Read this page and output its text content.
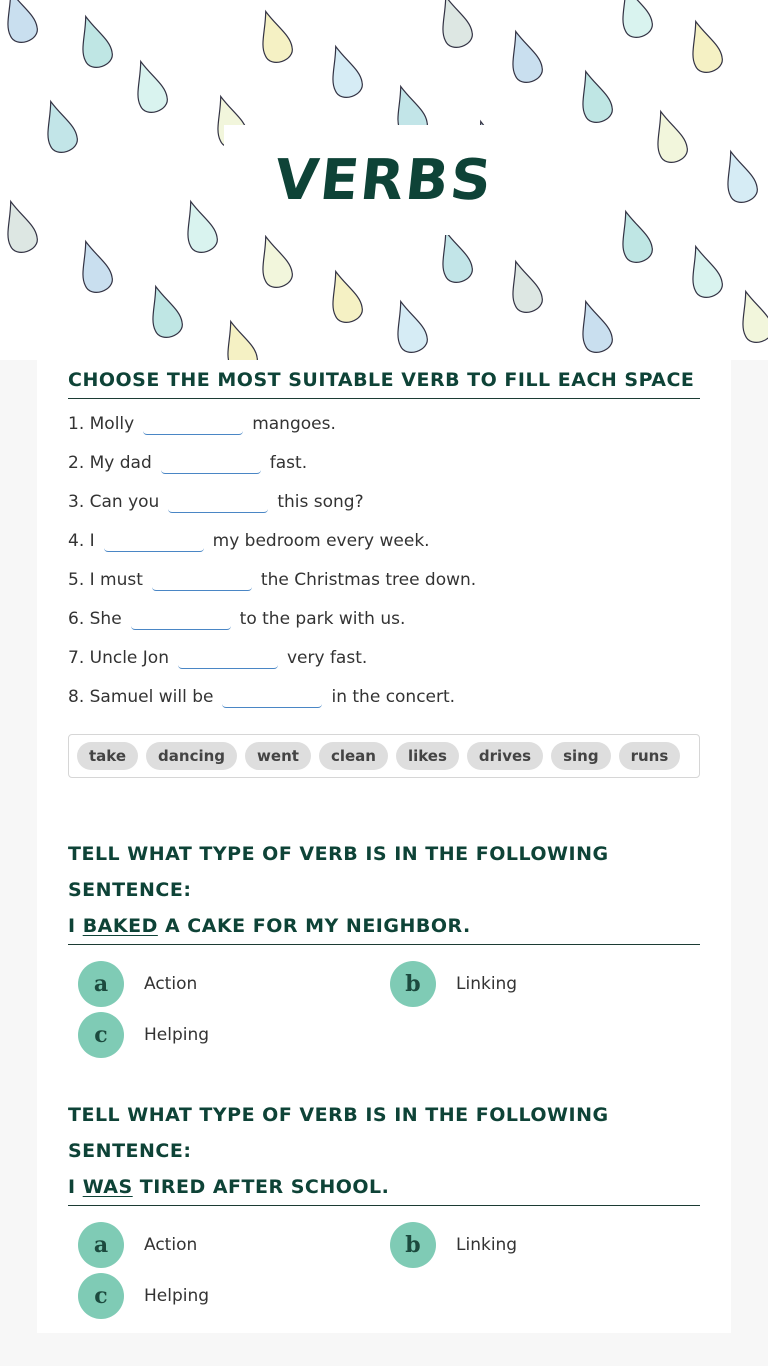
VERBS
CHOOSE THE MOST SUITABLE VERB TO FILL EACH SPACE
1. Molly	mangoes.
2. My dad	fast.
3. Can you	this song?
4. I	my bedroom every week.
5. I must	the Christmas tree down.
6. She	to the park with us.
7. Uncle Jon	very fast.
8. Samuel will be	in the concert.
take	dancing	went	clean	likes	drives	sing	runs
TELL WHAT TYPE OF VERB IS IN THE FOLLOWING SENTENCE:
I BAKED A CAKE FOR MY NEIGHBOR.
a	Action	b	Linking
c	Helping
TELL WHAT TYPE OF VERB IS IN THE FOLLOWING SENTENCE:
I WAS TIRED AFTER SCHOOL.
a	Action	b	Linking
c	Helping
